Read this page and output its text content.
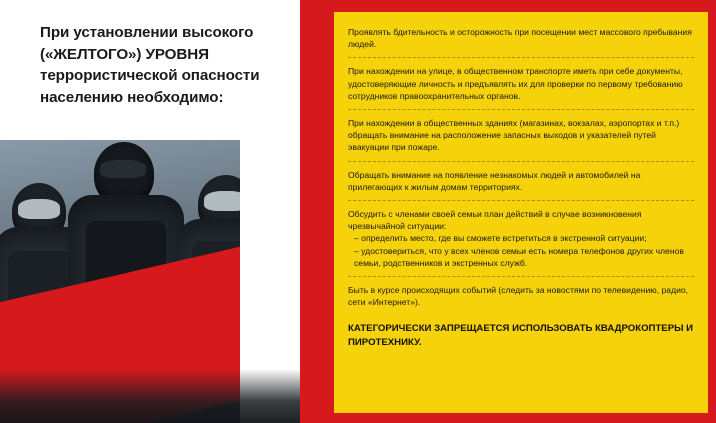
При установлении высокого («ЖЕЛТОГО») УРОВНЯ террористической опасности населению необходимо:

Проявлять бдительность и осторожность при посещении мест массового пребывания людей.

При нахождении на улице, в общественном транспорте иметь при себе документы, удостоверяющие личность и предъявлять их для проверки по первому требованию сотрудников правоохранительных органов.

При нахождении в общественных зданиях (магазинах, вокзалах, аэропортах и т.п.) обращать внимание на расположение запасных выходов и указателей путей эвакуации при пожаре.

Обращать внимание на появление незнакомых людей и автомобилей на прилегающих к жилым домам территориях.

Обсудить с членами своей семьи план действий в случае возникновения чрезвычайной ситуации:

– определить место, где вы сможете встретиться в экстренной ситуации;

– удостовериться, что у всех членов семьи есть номера телефонов других членов семьи, родственников и экстренных служб.

Быть в курсе происходящих событий (следить за новостями по телевидению, радио, сети «Интернет»).

КАТЕГОРИЧЕСКИ ЗАПРЕЩАЕТСЯ ИСПОЛЬЗОВАТЬ КВАДРОКОПТЕРЫ И ПИРОТЕХНИКУ.
